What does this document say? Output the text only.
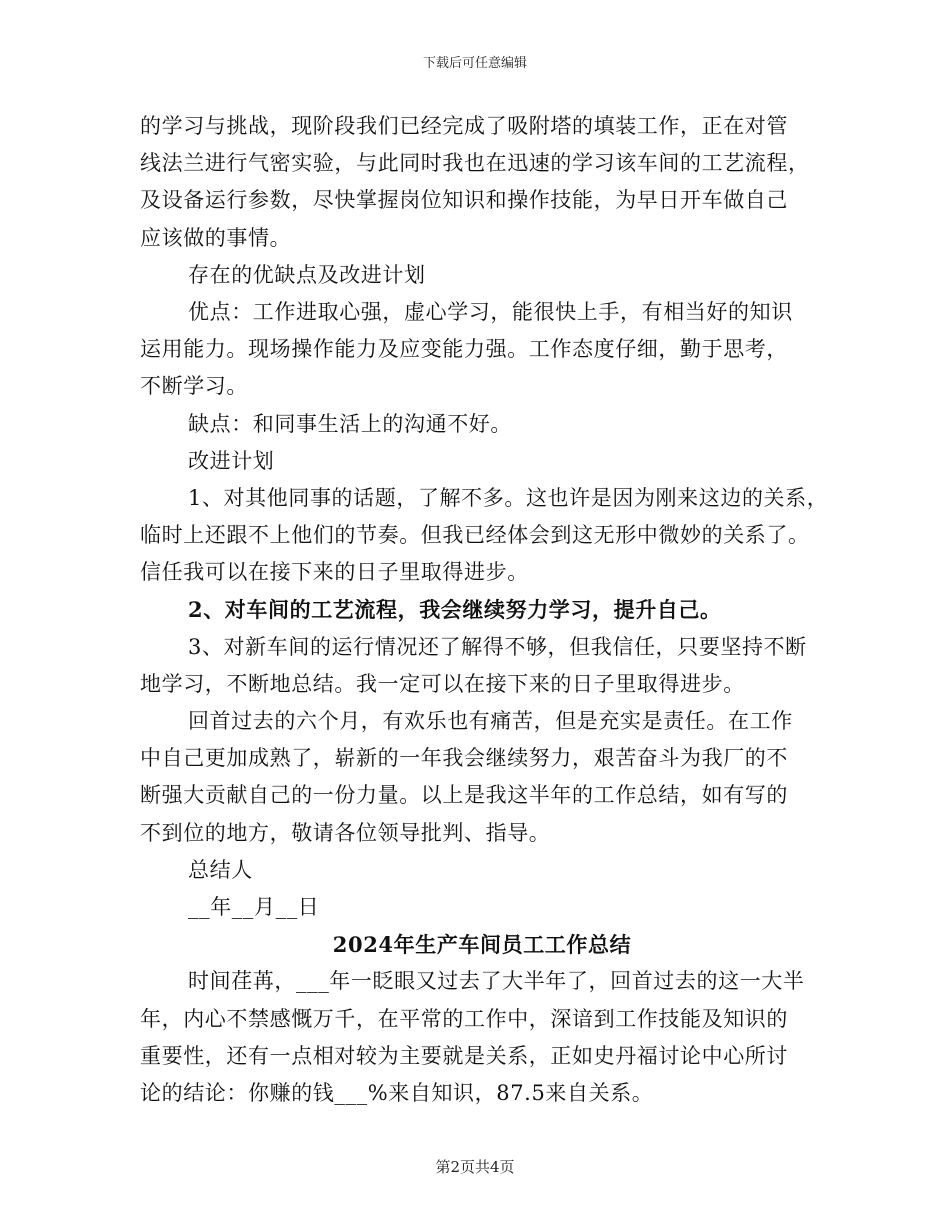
下载后可任意编辑
的学习与挑战，现阶段我们已经完成了吸附塔的填装工作，正在对管
线法兰进行气密实验，与此同时我也在迅速的学习该车间的工艺流程，
及设备运行参数，尽快掌握岗位知识和操作技能，为早日开车做自己
应该做的事情。
存在的优缺点及改进计划
优点：工作进取心强，虚心学习，能很快上手，有相当好的知识
运用能力。现场操作能力及应变能力强。工作态度仔细，勤于思考，
不断学习。
缺点：和同事生活上的沟通不好。
改进计划
1、对其他同事的话题，了解不多。这也许是因为刚来这边的关系，
临时上还跟不上他们的节奏。但我已经体会到这无形中微妙的关系了。
信任我可以在接下来的日子里取得进步。
2、对车间的工艺流程，我会继续努力学习，提升自己。
3、对新车间的运行情况还了解得不够，但我信任，只要坚持不断
地学习，不断地总结。我一定可以在接下来的日子里取得进步。
回首过去的六个月，有欢乐也有痛苦，但是充实是责任。在工作
中自己更加成熟了，崭新的一年我会继续努力，艰苦奋斗为我厂的不
断强大贡献自己的一份力量。以上是我这半年的工作总结，如有写的
不到位的地方，敬请各位领导批判、指导。
总结人
__年__月__日
2024年生产车间员工工作总结
时间荏苒，___年一眨眼又过去了大半年了，回首过去的这一大半
年，内心不禁感慨万千，在平常的工作中，深谙到工作技能及知识的
重要性，还有一点相对较为主要就是关系，正如史丹福讨论中心所讨
论的结论：你赚的钱___%来自知识，87.5来自关系。
第2页共4页
